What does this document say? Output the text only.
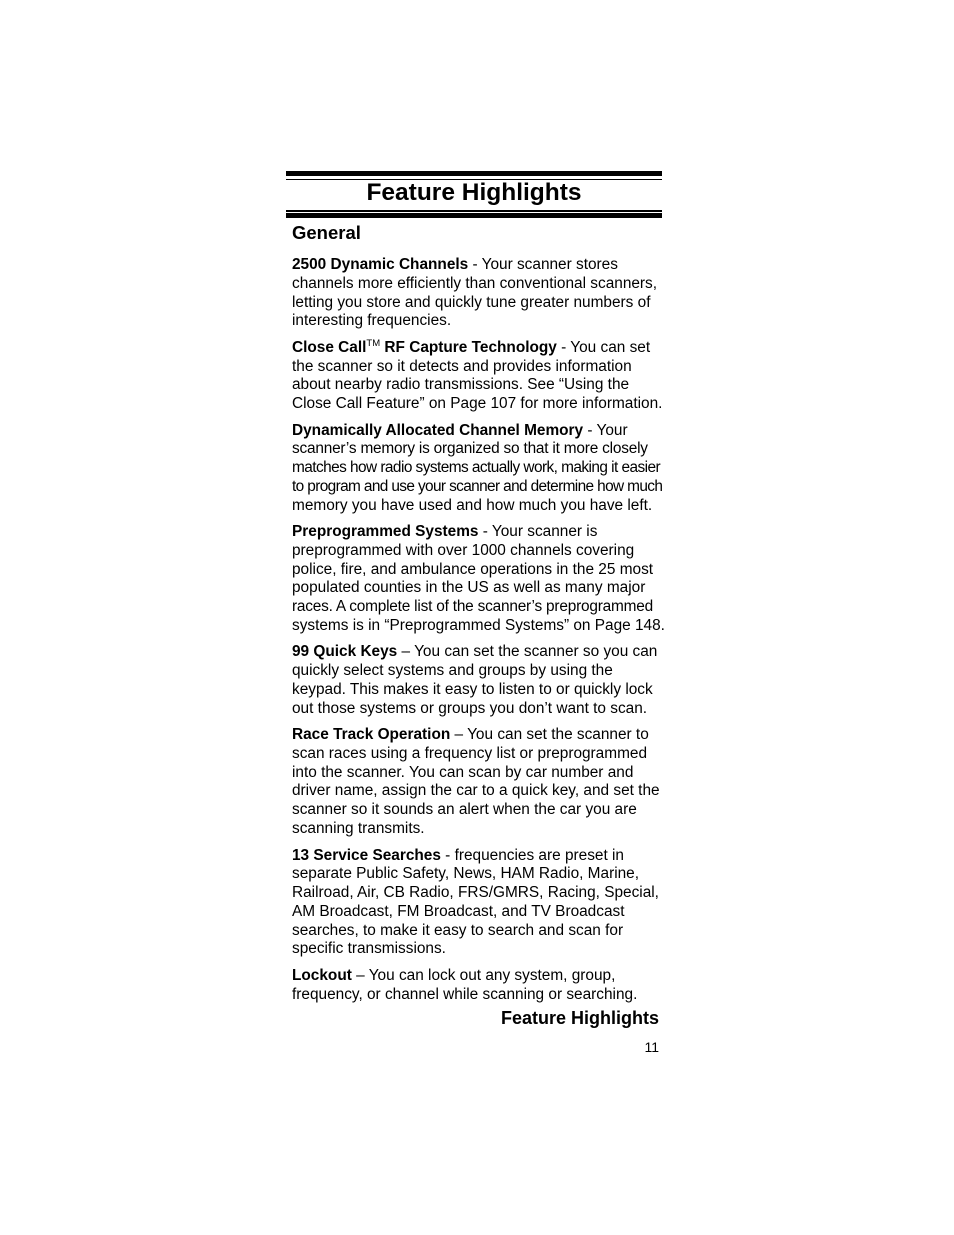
Feature Highlights
General
2500 Dynamic Channels - Your scanner stores
channels more efficiently than conventional scanners,
letting you store and quickly tune greater numbers of
interesting frequencies.
Close Call™ RF Capture Technology - You can set
the scanner so it detects and provides information
about nearby radio transmissions. See “Using the
Close Call Feature” on Page 107 for more information.
Dynamically Allocated Channel Memory - Your
scanner’s memory is organized so that it more closely
matches how radio systems actually work, making it easier
to program and use your scanner and determine how much
memory you have used and how much you have left.
Preprogrammed Systems - Your scanner is
preprogrammed with over 1000 channels covering
police, fire, and ambulance operations in the 25 most
populated counties in the US as well as many major
races. A complete list of the scanner’s preprogrammed
systems is in “Preprogrammed Systems” on Page 148.
99 Quick Keys – You can set the scanner so you can
quickly select systems and groups by using the
keypad. This makes it easy to listen to or quickly lock
out those systems or groups you don’t want to scan.
Race Track Operation – You can set the scanner to
scan races using a frequency list or preprogrammed
into the scanner. You can scan by car number and
driver name, assign the car to a quick key, and set the
scanner so it sounds an alert when the car you are
scanning transmits.
13 Service Searches - frequencies are preset in
separate Public Safety, News, HAM Radio, Marine,
Railroad, Air, CB Radio, FRS/GMRS, Racing, Special,
AM Broadcast, FM Broadcast, and TV Broadcast
searches, to make it easy to search and scan for
specific transmissions.
Lockout – You can lock out any system, group,
frequency, or channel while scanning or searching.
Feature Highlights
11
